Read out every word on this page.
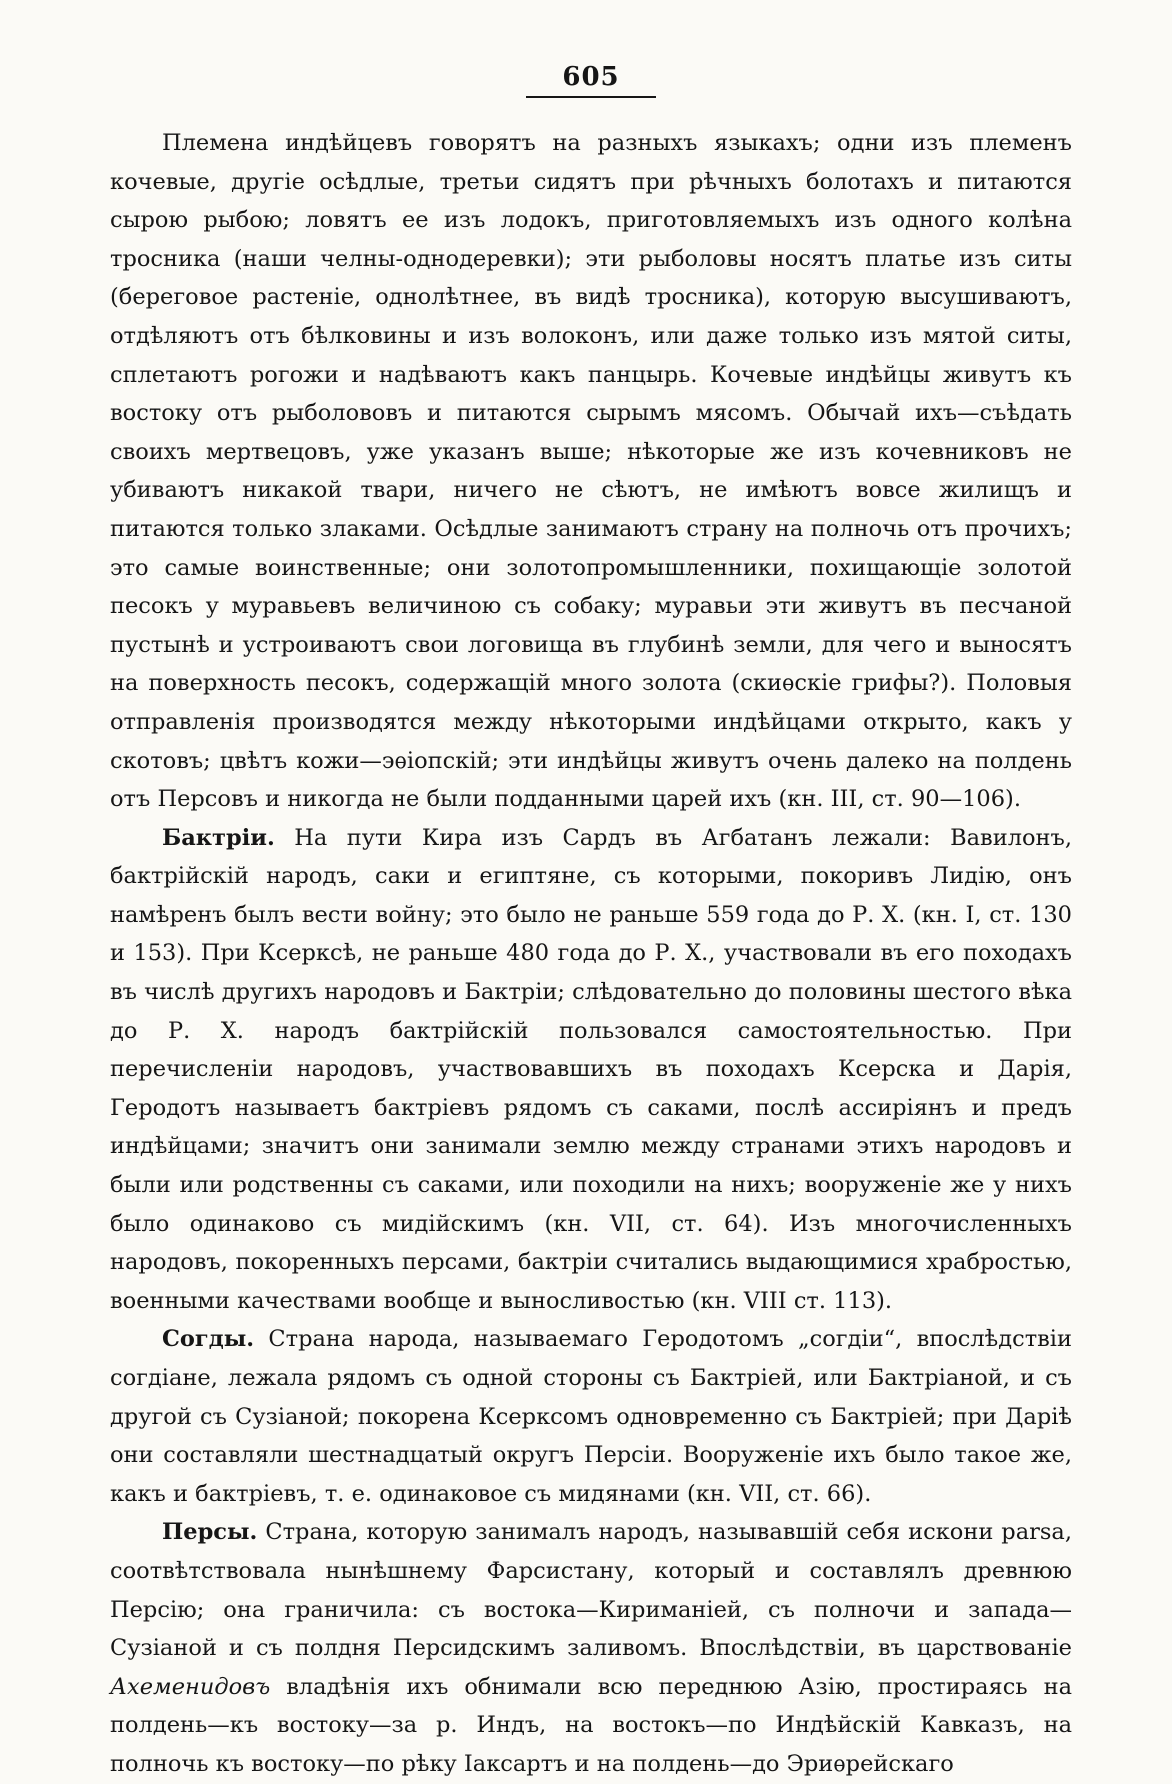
605

Племена индѣйцевъ говорятъ на разныхъ языкахъ; одни изъ племенъ кочевые, другіе осѣдлые, третьи сидятъ при рѣчныхъ болотахъ и питаются сырою рыбою; ловятъ ее изъ лодокъ, приготовляемыхъ изъ одного колѣна тросника (наши челны-однодеревки); эти рыболовы носятъ платье изъ ситы (береговое растеніе, однолѣтнее, въ видѣ тросника), которую высушиваютъ, отдѣляютъ отъ бѣлковины и изъ волоконъ, или даже только изъ мятой ситы, сплетаютъ рогожи и надѣваютъ какъ панцырь. Кочевые индѣйцы живутъ къ востоку отъ рыболововъ и питаются сырымъ мясомъ. Обычай ихъ—съѣдать своихъ мертвецовъ, уже указанъ выше; нѣкоторые же изъ кочевниковъ не убиваютъ никакой твари, ничего не сѣютъ, не имѣютъ вовсе жилищъ и питаются только злаками. Осѣдлые занимаютъ страну на полночь отъ прочихъ; это самые воинственные; они золотопромышленники, похищающіе золотой песокъ у муравьевъ величиною съ собаку; муравьи эти живутъ въ песчаной пустынѣ и устроиваютъ свои логовища въ глубинѣ земли, для чего и выносятъ на поверхность песокъ, содержащій много золота (скиѳскіе грифы?). Половыя отправленія производятся между нѣкоторыми индѣйцами открыто, какъ у скотовъ; цвѣтъ кожи—эѳіопскій; эти индѣйцы живутъ очень далеко на полдень отъ Персовъ и никогда не были подданными царей ихъ (кн. III, ст. 90—106).

Бактріи. На пути Кира изъ Сардъ въ Агбатанъ лежали: Вавилонъ, бактрійскій народъ, саки и египтяне, съ которыми, покоривъ Лидію, онъ намѣренъ былъ вести войну; это было не раньше 559 года до Р. Х. (кн. I, ст. 130 и 153). При Ксерксѣ, не раньше 480 года до Р. Х., участвовали въ его походахъ въ числѣ другихъ народовъ и Бактріи; слѣдовательно до половины шестого вѣка до Р. Х. народъ бактрійскій пользовался самостоятельностью. При перечисленіи народовъ, участвовавшихъ въ походахъ Ксерска и Дарія, Геродотъ называетъ бактріевъ рядомъ съ саками, послѣ ассиріянъ и предъ индѣйцами; значитъ они занимали землю между странами этихъ народовъ и были или родственны съ саками, или походили на нихъ; вооруженіе же у нихъ было одинаково съ мидійскимъ (кн. VII, ст. 64). Изъ многочисленныхъ народовъ, покоренныхъ персами, бактріи считались выдающимися храбростью, военными качествами вообще и выносливостью (кн. VIII ст. 113).

Согды. Страна народа, называемаго Геродотомъ „согдіи“, впослѣдствіи согдіане, лежала рядомъ съ одной стороны съ Бактріей, или Бактріаной, и съ другой съ Сузіаной; покорена Ксерксомъ одновременно съ Бактріей; при Даріѣ они составляли шестнадцатый округъ Персіи. Вооруженіе ихъ было такое же, какъ и бактріевъ, т. е. одинаковое съ мидянами (кн. VII, ст. 66).

Персы. Страна, которую занималъ народъ, называвшій себя искони parsa, соотвѣтствовала нынѣшнему Фарсистану, который и составлялъ древнюю Персію; она граничила: съ востока—Кириманіей, съ полночи и запада—Сузіаной и съ полдня Персидскимъ заливомъ. Впослѣдствіи, въ царствованіе Ахеменидовъ владѣнія ихъ обнимали всю переднюю Азію, простираясь на полдень—къ востоку—за р. Индъ, на востокъ—по Индѣйскій Кавказъ, на полночь къ востоку—по рѣку Іаксартъ и на полдень—до Эриѳрейскаго
